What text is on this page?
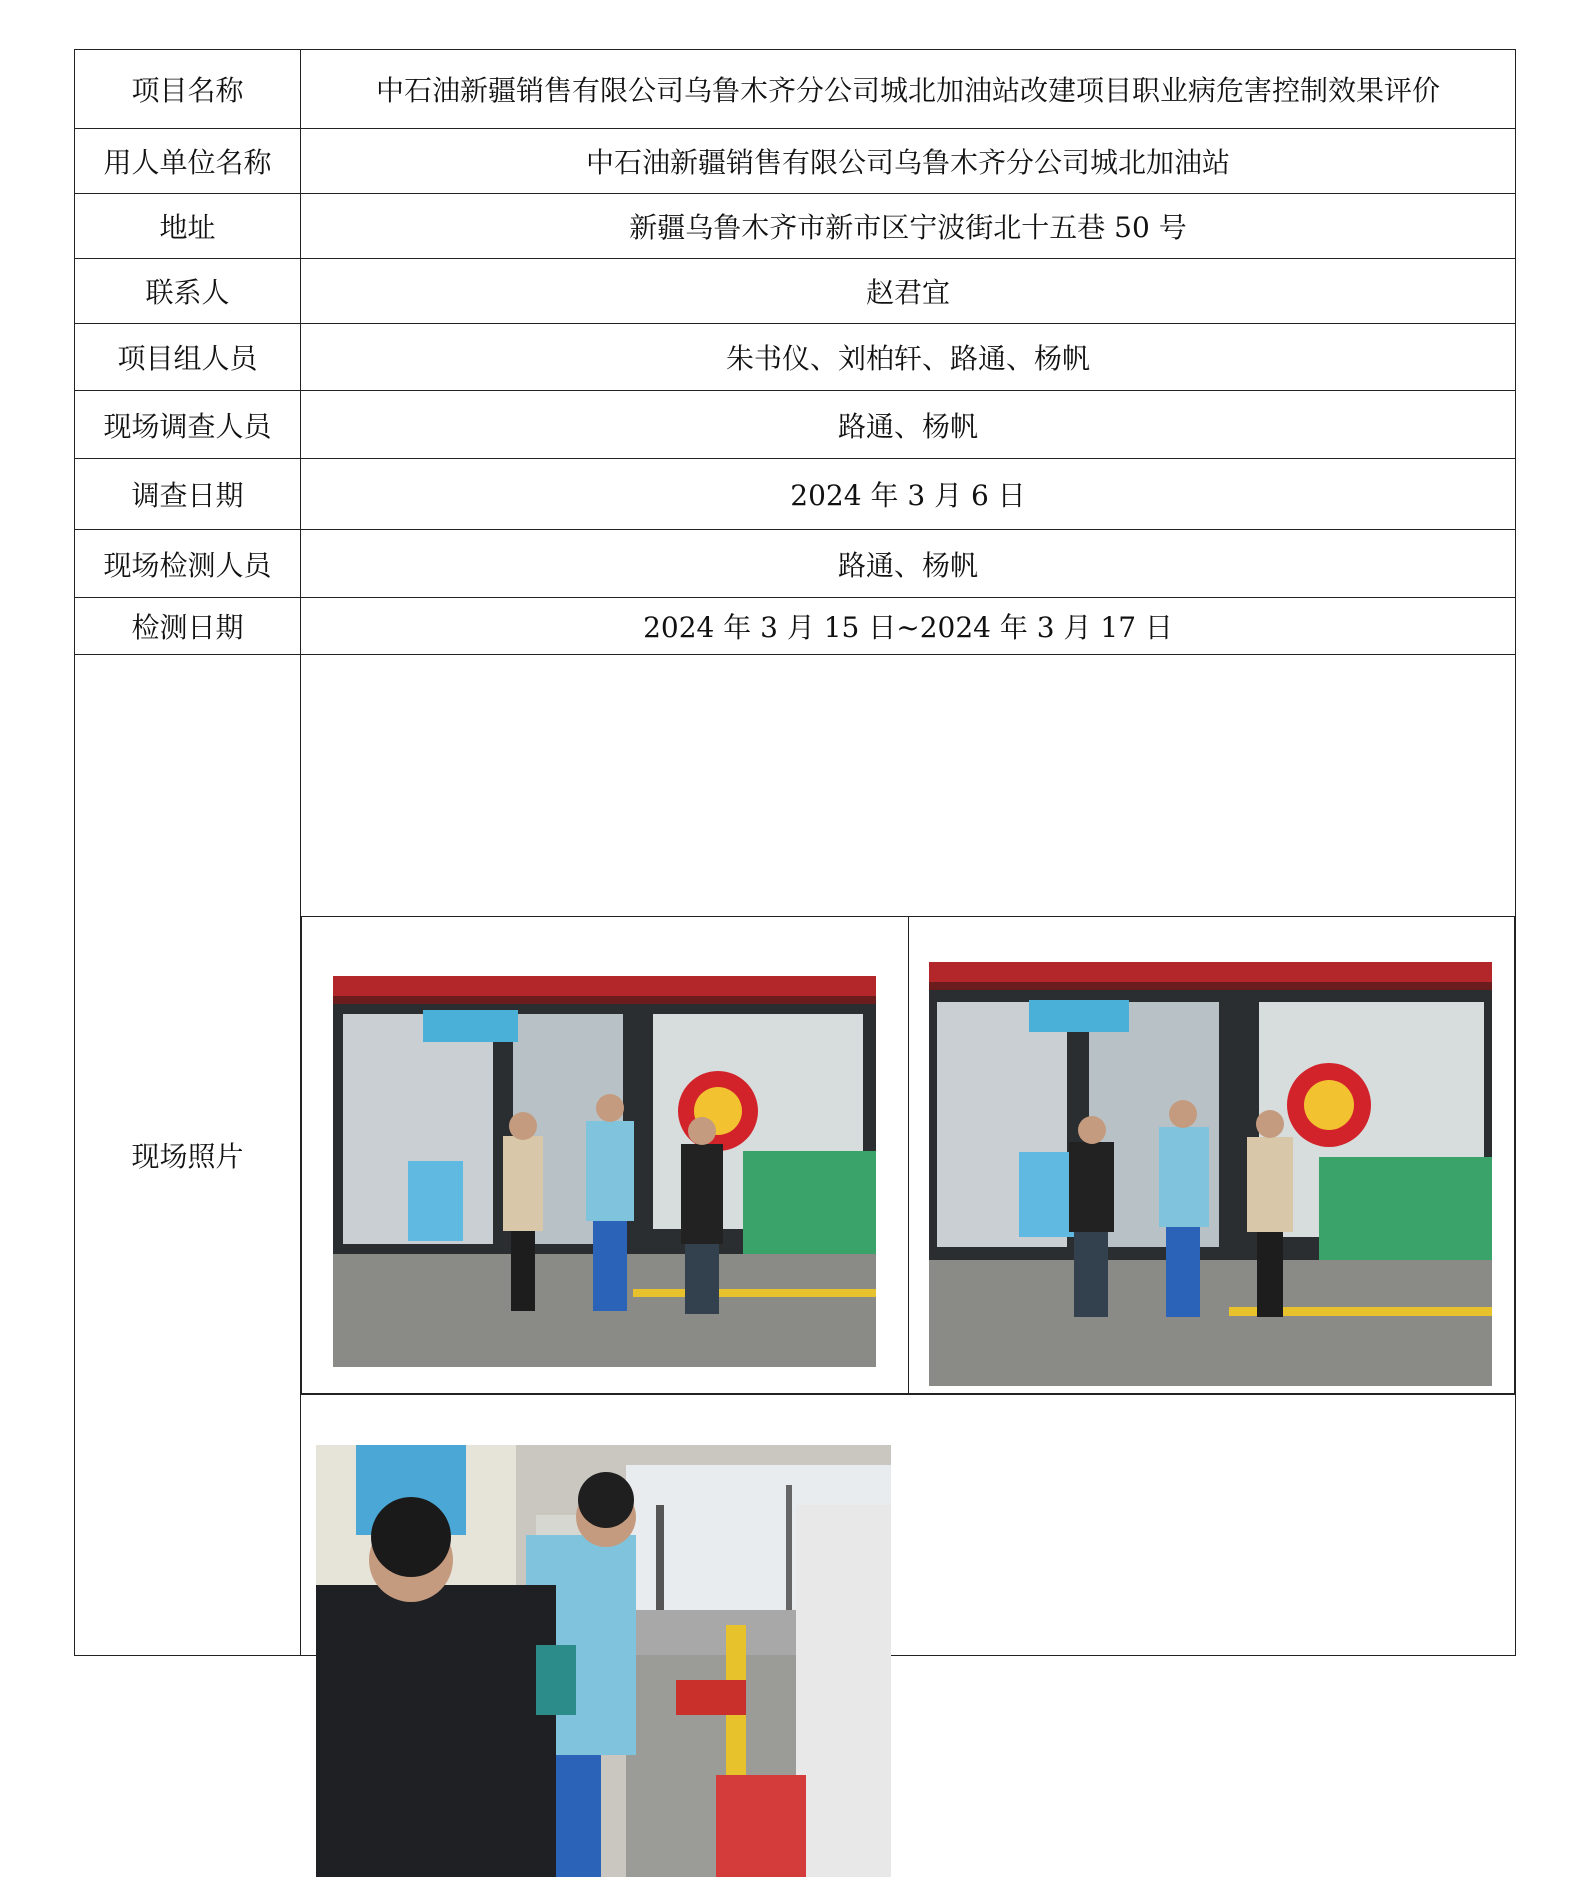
项目名称	中石油新疆销售有限公司乌鲁木齐分公司城北加油站改建项目职业病危害控制效果评价
用人单位名称	中石油新疆销售有限公司乌鲁木齐分公司城北加油站
地址	新疆乌鲁木齐市新市区宁波街北十五巷 50 号
联系人	赵君宜
项目组人员	朱书仪、刘柏轩、路通、杨帆
现场调查人员	路通、杨帆
调查日期	2024 年 3 月 6 日
现场检测人员	路通、杨帆
检测日期	2024 年 3 月 15 日~2024 年 3 月 17 日
现场照片	
